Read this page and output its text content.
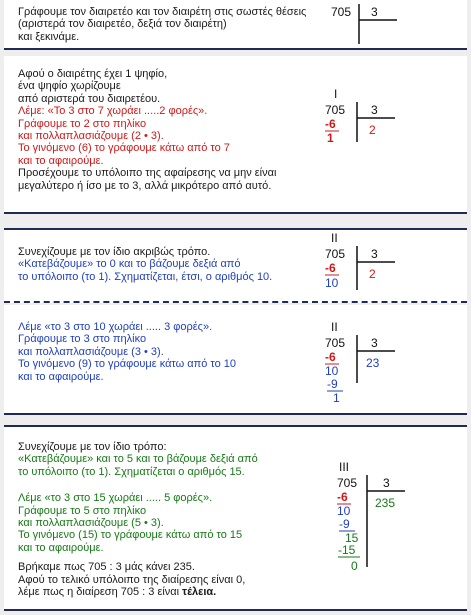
Γράφουμε τον διαιρετέο και τον διαιρέτη στις σωστές θέσεις
(αριστερά τον διαιρετέο, δεξιά τον διαιρέτη)
και ξεκινάμε.
705 3
Αφού ο διαιρέτης έχει 1 ψηφίο,
ένα ψηφίο χωρίζουμε
από αριστερά του διαιρετέου.
Λέμε: «Το 3 στο 7 χωράει .....2 φορές».
Γράφουμε το 2 στο πηλίκο
και πολλαπλασιάζουμε (2 • 3).
Το γινόμενο (6) το γράφουμε κάτω από το 7
και το αφαιρούμε.
Προσέχουμε το υπόλοιπο της αφαίρεσης να μην είναι
μεγαλύτερο ή ίσο με το 3, αλλά μικρότερο από αυτό.
I
705 3
-6
1
2
Συνεχίζουμε με τον ίδιο ακριβώς τρόπο.
«Κατεβάζουμε» το 0 και το βάζουμε δεξιά από
το υπόλοιπο (το 1). Σχηματίζεται, έτσι, ο αριθμός 10.
II
705 3
-6
10
2
Λέμε «το 3 στο 10 χωράει ..... 3 φορές».
Γράφουμε το 3 στο πηλίκο
και πολλαπλασιάζουμε (3 • 3).
Το γινόμενο (9) το γράφουμε κάτω από το 10
και το αφαιρούμε.
II
705 3
-6
10
-9
1
23
Συνεχίζουμε με τον ίδιο τρόπο:
«Κατεβάζουμε» και το 5 και το βάζουμε δεξιά από
το υπόλοιπο (το 1). Σχηματίζεται ο αριθμός 15.
Λέμε «το 3 στο 15 χωράει ..... 5 φορές».
Γράφουμε το 5 στο πηλίκο
και πολλαπλασιάζουμε (5 • 3).
Το γινόμενο (15) το γράφουμε κάτω από το 15
και το αφαιρούμε.
Βρήκαμε πως 705 : 3 μάς κάνει 235.
Αφού το τελικό υπόλοιπο της διαίρεσης είναι 0,
λέμε πως η διαίρεση 705 : 3 είναι τέλεια.
III
705 3
-6
10
-9
15
-15
0
235
